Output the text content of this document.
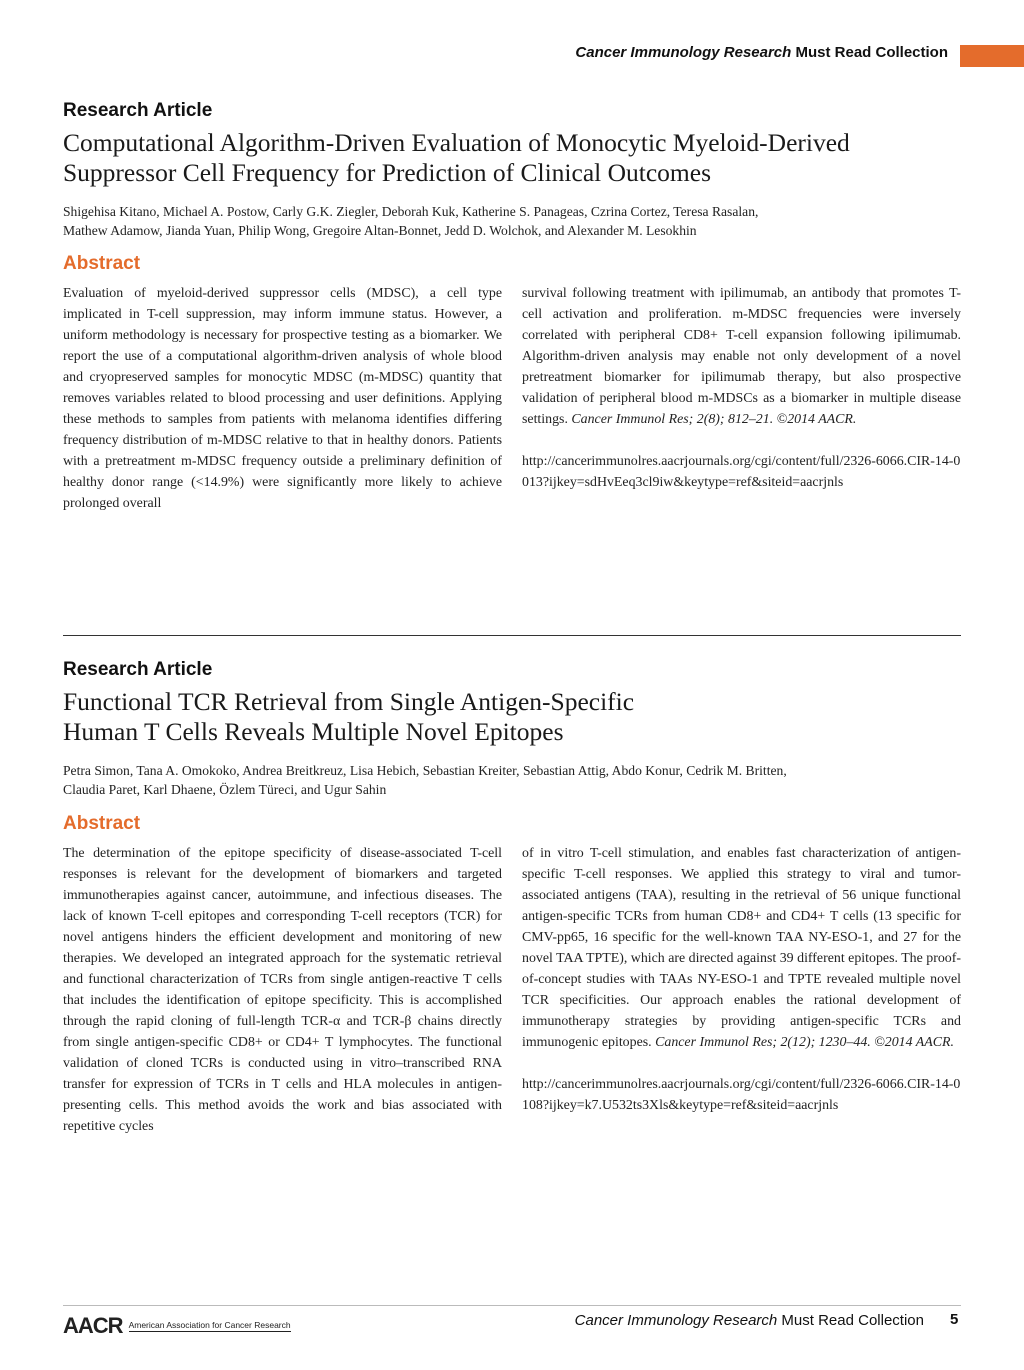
Cancer Immunology Research Must Read Collection

Research Article

Computational Algorithm-Driven Evaluation of Monocytic Myeloid-Derived
Suppressor Cell Frequency for Prediction of Clinical Outcomes

Shigehisa Kitano, Michael A. Postow, Carly G.K. Ziegler, Deborah Kuk, Katherine S. Panageas, Czrina Cortez, Teresa Rasalan,
Mathew Adamow, Jianda Yuan, Philip Wong, Gregoire Altan-Bonnet, Jedd D. Wolchok, and Alexander M. Lesokhin

Abstract

Evaluation of myeloid-derived suppressor cells (MDSC), a cell type implicated in T-cell suppression, may inform immune status. However, a uniform methodology is necessary for prospective testing as a biomarker. We report the use of a computational algorithm-driven analysis of whole blood and cryopreserved samples for monocytic MDSC (m-MDSC) quantity that removes variables related to blood processing and user definitions. Applying these methods to samples from patients with melanoma identifies differing frequency distribution of m-MDSC relative to that in healthy donors. Patients with a pretreatment m-MDSC frequency outside a preliminary definition of healthy donor range (<14.9%) were significantly more likely to achieve prolonged overall

survival following treatment with ipilimumab, an antibody that promotes T-cell activation and proliferation. m-MDSC frequencies were inversely correlated with peripheral CD8+ T-cell expansion following ipilimumab. Algorithm-driven analysis may enable not only development of a novel pretreatment biomarker for ipilimumab therapy, but also prospective validation of peripheral blood m-MDSCs as a biomarker in multiple disease settings. Cancer Immunol Res; 2(8); 812–21. ©2014 AACR.

http://cancerimmunolres.aacrjournals.org/cgi/content/full/2326-6066.CIR-14-0013?ijkey=sdHvEeq3cl9iw&keytype=ref&siteid=aacrjnls

Research Article

Functional TCR Retrieval from Single Antigen-Specific
Human T Cells Reveals Multiple Novel Epitopes

Petra Simon, Tana A. Omokoko, Andrea Breitkreuz, Lisa Hebich, Sebastian Kreiter, Sebastian Attig, Abdo Konur, Cedrik M. Britten,
Claudia Paret, Karl Dhaene, Özlem Türeci, and Ugur Sahin

Abstract

The determination of the epitope specificity of disease-associated T-cell responses is relevant for the development of biomarkers and targeted immunotherapies against cancer, autoimmune, and infectious diseases. The lack of known T-cell epitopes and corresponding T-cell receptors (TCR) for novel antigens hinders the efficient development and monitoring of new therapies. We developed an integrated approach for the systematic retrieval and functional characterization of TCRs from single antigen-reactive T cells that includes the identification of epitope specificity. This is accomplished through the rapid cloning of full-length TCR-α and TCR-β chains directly from single antigen-specific CD8+ or CD4+ T lymphocytes. The functional validation of cloned TCRs is conducted using in vitro–transcribed RNA transfer for expression of TCRs in T cells and HLA molecules in antigen-presenting cells. This method avoids the work and bias associated with repetitive cycles

of in vitro T-cell stimulation, and enables fast characterization of antigen-specific T-cell responses. We applied this strategy to viral and tumor-associated antigens (TAA), resulting in the retrieval of 56 unique functional antigen-specific TCRs from human CD8+ and CD4+ T cells (13 specific for CMV-pp65, 16 specific for the well-known TAA NY-ESO-1, and 27 for the novel TAA TPTE), which are directed against 39 different epitopes. The proof-of-concept studies with TAAs NY-ESO-1 and TPTE revealed multiple novel TCR specificities. Our approach enables the rational development of immunotherapy strategies by providing antigen-specific TCRs and immunogenic epitopes. Cancer Immunol Res; 2(12); 1230–44. ©2014 AACR.

http://cancerimmunolres.aacrjournals.org/cgi/content/full/2326-6066.CIR-14-0108?ijkey=k7.U532ts3Xls&keytype=ref&siteid=aacrjnls

AACR American Association for Cancer Research	Cancer Immunology Research Must Read Collection 5
